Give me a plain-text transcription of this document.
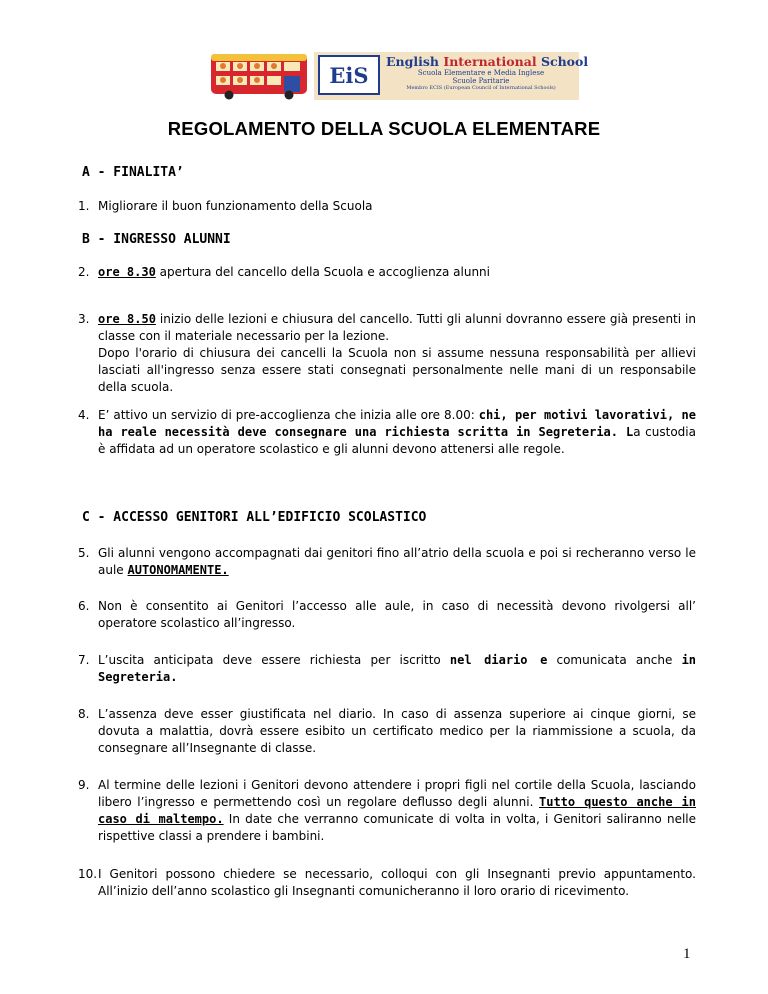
EiS
English International School
Scuola Elementare e Media Inglese
Scuole Paritarie
Membro ECIS (European Council of International Schools)
REGOLAMENTO DELLA SCUOLA ELEMENTARE

A - FINALITA’

1. Migliorare il buon funzionamento della Scuola

B - INGRESSO ALUNNI

2. ore 8.30 apertura del cancello della Scuola e accoglienza alunni

3. ore 8.50 inizio delle lezioni e chiusura del cancello. Tutti gli alunni dovranno essere già presenti in classe con il materiale necessario per la lezione.
Dopo l'orario di chiusura dei cancelli la Scuola non si assume nessuna responsabilità per allievi lasciati all'ingresso senza essere stati consegnati personalmente nelle mani di un responsabile della scuola.

4. E’ attivo un servizio di pre-accoglienza che inizia alle ore 8.00: chi, per motivi lavorativi, ne ha reale necessità deve consegnare una richiesta scritta in Segreteria. La custodia è affidata ad un operatore scolastico e gli alunni devono attenersi alle regole.

C - ACCESSO GENITORI ALL’EDIFICIO SCOLASTICO

5. Gli alunni vengono accompagnati dai genitori fino all’atrio della scuola e poi si recheranno verso le aule AUTONOMAMENTE.

6. Non è consentito ai Genitori l’accesso alle aule, in caso di necessità devono rivolgersi all’ operatore scolastico all’ingresso.

7. L’uscita anticipata deve essere richiesta per iscritto nel diario e comunicata anche in Segreteria.

8. L’assenza deve esser giustificata nel diario. In caso di assenza superiore ai cinque giorni, se dovuta a malattia, dovrà essere esibito un certificato medico per la riammissione a scuola, da consegnare all’Insegnante di classe.

9. Al termine delle lezioni i Genitori devono attendere i propri figli nel cortile della Scuola, lasciando libero l’ingresso e permettendo così un regolare deflusso degli alunni. Tutto questo anche in caso di maltempo. In date che verranno comunicate di volta in volta, i Genitori saliranno nelle rispettive classi a prendere i bambini.

10. I Genitori possono chiedere se necessario, colloqui con gli Insegnanti previo appuntamento. All’inizio dell’anno scolastico gli Insegnanti comunicheranno il loro orario di ricevimento.

1
